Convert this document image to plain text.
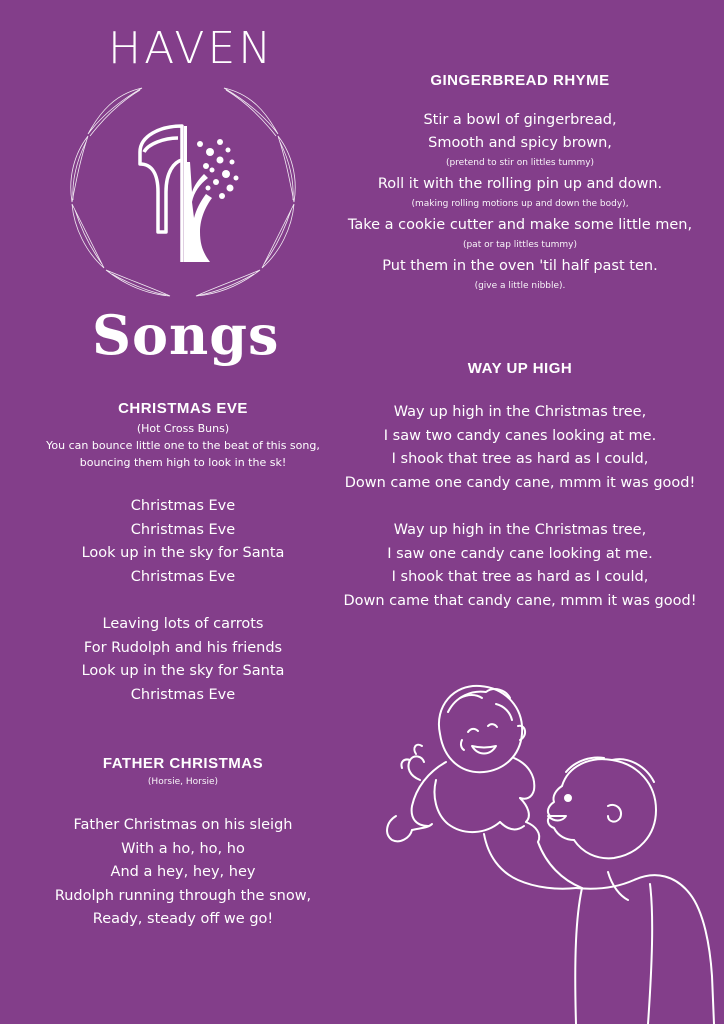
HAVEN
Songs
GINGERBREAD RHYME
Stir a bowl of gingerbread,
Smooth and spicy brown,
(pretend to stir on littles tummy)
Roll it with the rolling pin up and down.
(making rolling motions up and down the body),
Take a cookie cutter and make some little men,
(pat or tap littles tummy)
Put them in the oven 'til half past ten.
(give a little nibble).
CHRISTMAS EVE
(Hot Cross Buns)
You can bounce little one to the beat of this song,
bouncing them high to look in the sk!
Christmas Eve
Christmas Eve
Look up in the sky for Santa
Christmas Eve
Leaving lots of carrots
For Rudolph and his friends
Look up in the sky for Santa
Christmas Eve
WAY UP HIGH
Way up high in the Christmas tree,
I saw two candy canes looking at me.
I shook that tree as hard as I could,
Down came one candy cane, mmm it was good!
Way up high in the Christmas tree,
I saw one candy cane looking at me.
I shook that tree as hard as I could,
Down came that candy cane, mmm it was good!
FATHER CHRISTMAS
(Horsie, Horsie)
Father Christmas on his sleigh
With a ho, ho, ho
And a hey, hey, hey
Rudolph running through the snow,
Ready, steady off we go!
